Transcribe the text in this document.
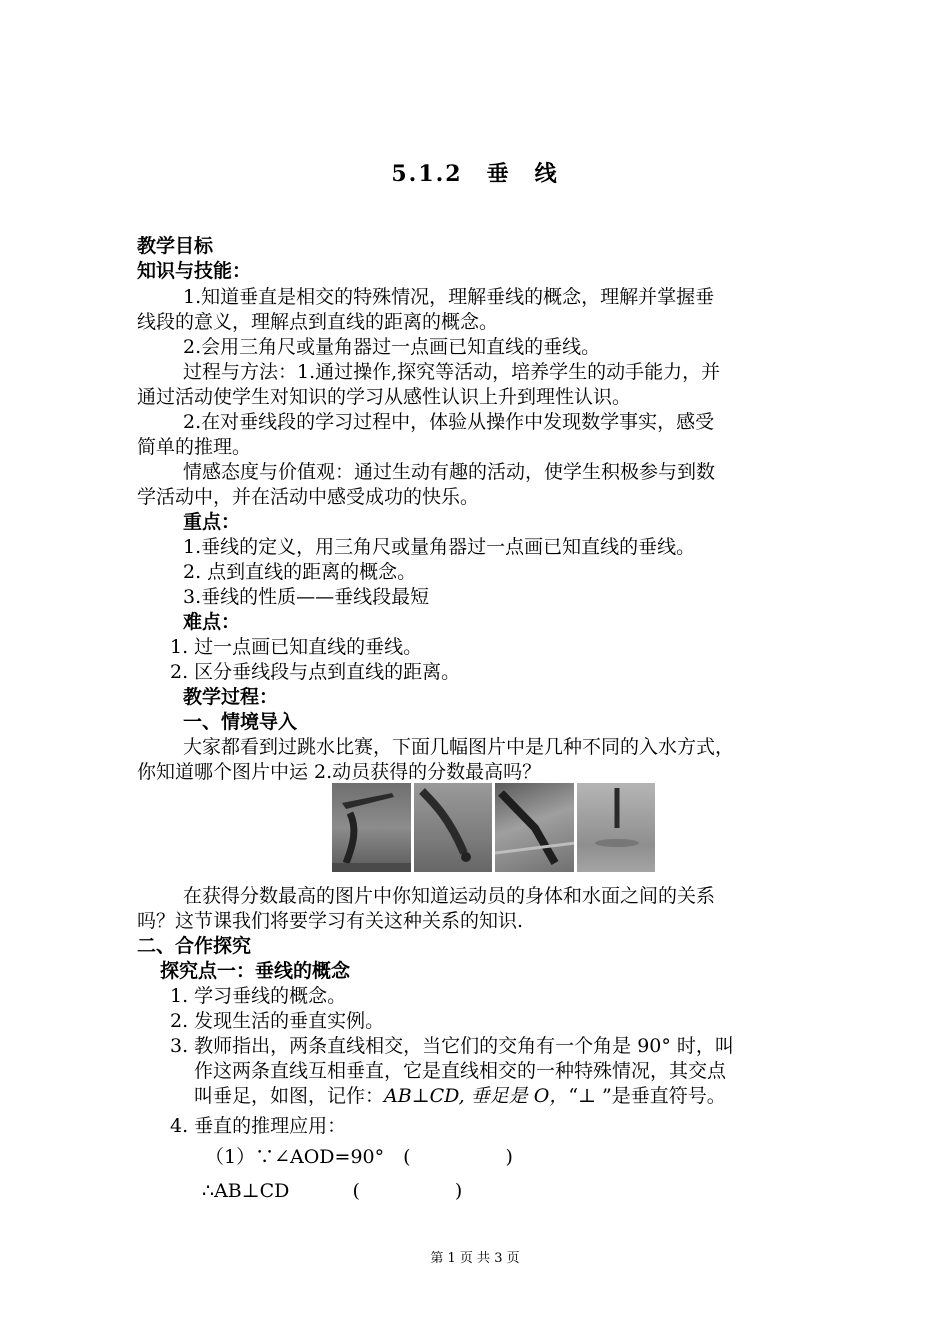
5.1.2　垂　线
教学目标
知识与技能：
1.知道垂直是相交的特殊情况，理解垂线的概念，理解并掌握垂
线段的意义，理解点到直线的距离的概念。
2.会用三角尺或量角器过一点画已知直线的垂线。
过程与方法：1.通过操作,探究等活动，培养学生的动手能力，并
通过活动使学生对知识的学习从感性认识上升到理性认识。
2.在对垂线段的学习过程中，体验从操作中发现数学事实，感受
简单的推理。
情感态度与价值观：通过生动有趣的活动，使学生积极参与到数
学活动中，并在活动中感受成功的快乐。
重点：
1.垂线的定义，用三角尺或量角器过一点画已知直线的垂线。
2. 点到直线的距离的概念。
3.垂线的性质——垂线段最短
难点：
1. 过一点画已知直线的垂线。
2. 区分垂线段与点到直线的距离。
教学过程：
一、情境导入
大家都看到过跳水比赛，下面几幅图片中是几种不同的入水方式，
你知道哪个图片中运 2.动员获得的分数最高吗？
在获得分数最高的图片中你知道运动员的身体和水面之间的关系
吗？这节课我们将要学习有关这种关系的知识.
二、合作探究
探究点一：垂线的概念
1. 学习垂线的概念。
2. 发现生活的垂直实例。
3. 教师指出，两条直线相交，当它们的交角有一个角是 90° 时，叫
作这两条直线互相垂直，它是直线相交的一种特殊情况，其交点
叫垂足，如图，记作：AB⊥CD, 垂足是 O，“⊥ ”是垂直符号。
4. 垂直的推理应用：
（1）∵∠AOD=90°　(　　　　　)
∴AB⊥CD　　　 (　　　　　)
第 1 页 共 3 页
